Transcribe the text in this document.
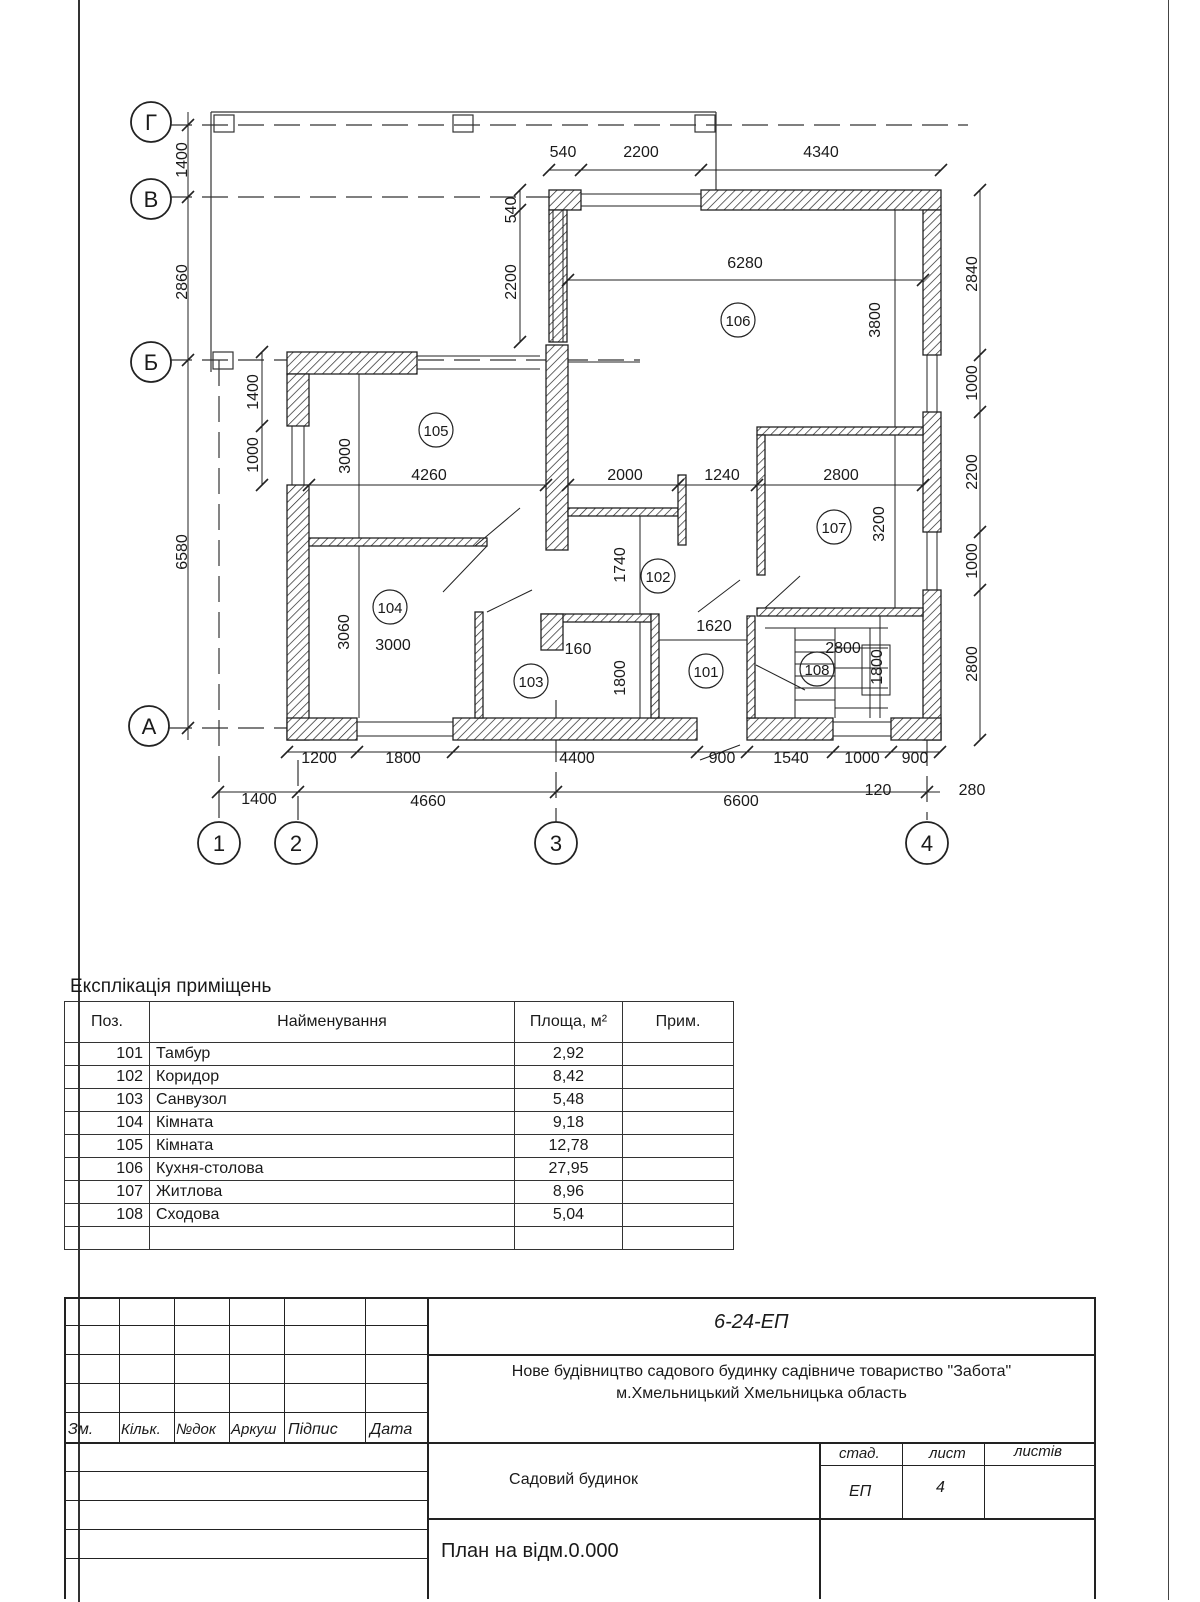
Г
В
Б
А
1	2	3	4
105
106
104
102
107
103
101	108
1400
2860
6580
1400
1000
540	2200	4340
540
2200	2840
1000
2200
1000
2800
1200	1800	4400	900 1540 1000 900
1400	4660	6600
120	280
6280
3800
3000
4260	2000	1240	2800
3200
1740
3060 3000
1620
2800
160
1800	1800
Експлікація приміщень
Поз.	Найменування	Площа, м²	Прим.
101	Тамбур	2,92	
102	Коридор	8,42	
103	Санвузол	5,48	
104	Кімната	9,18	
105	Кімната	12,78	
106	Кухня-столова	27,95	
107	Житлова	8,96	
108	Сходова	5,04	

Зм. Кільк. №док Аркуш Підпис Дата
6-24-ЕП
Нове будівництво садового будинку садівниче товариство "Забота"
м.Хмельницький Хмельницька область
Садовий будинок
стад.	лист	листів
ЕП	4
План на відм.0.000
